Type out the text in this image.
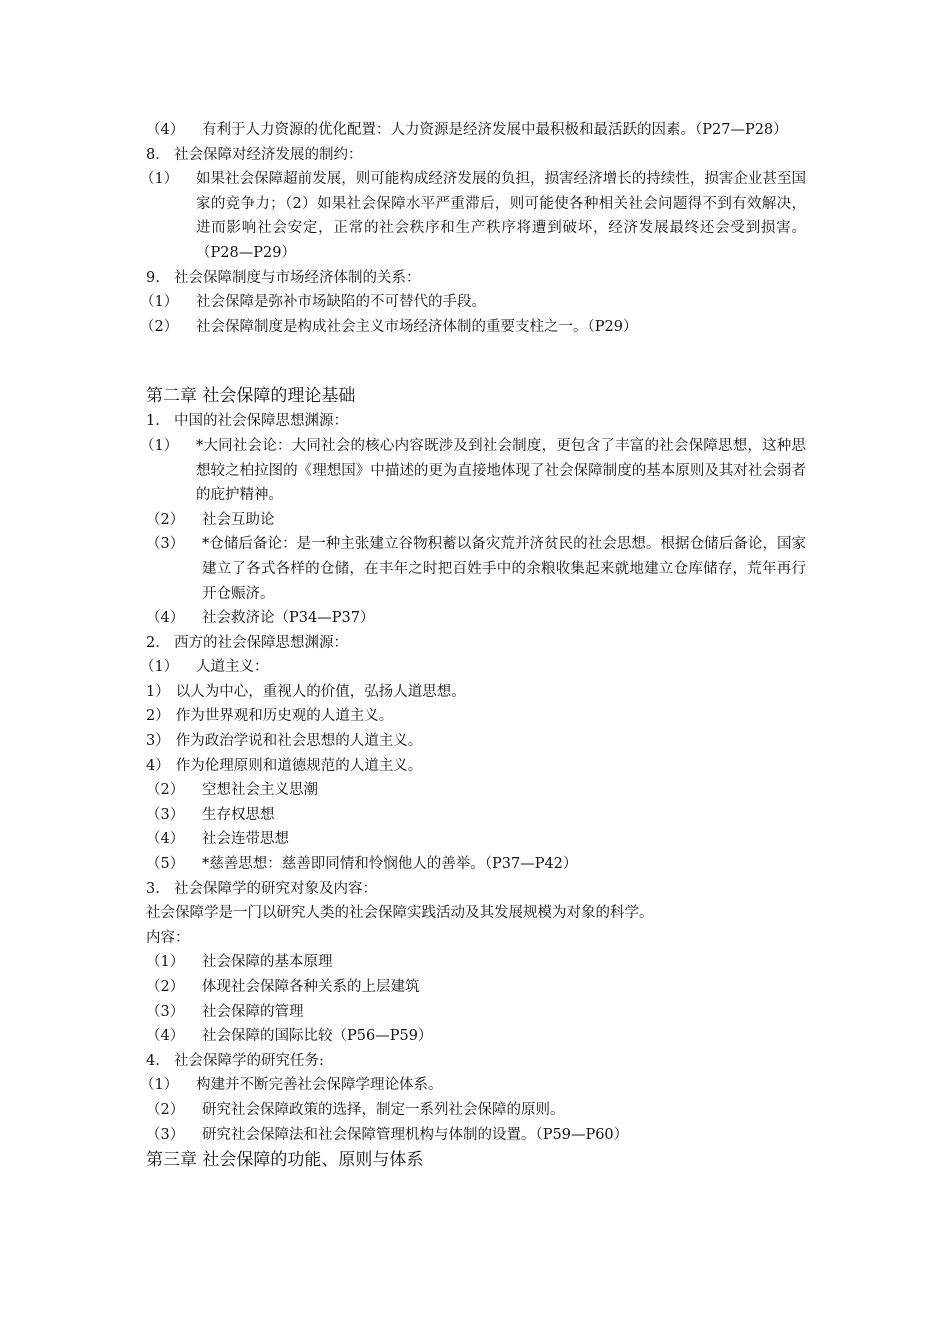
（4）	有利于人力资源的优化配置：人力资源是经济发展中最积极和最活跃的因素。（P27—P28）
8. 社会保障对经济发展的制约：
（1）	如果社会保障超前发展，则可能构成经济发展的负担，损害经济增长的持续性，损害企业甚至国家的竞争力；（2）如果社会保障水平严重滞后，则可能使各种相关社会问题得不到有效解决，进而影响社会安定，正常的社会秩序和生产秩序将遭到破坏，经济发展最终还会受到损害。（P28—P29）
9. 社会保障制度与市场经济体制的关系：
（1）	社会保障是弥补市场缺陷的不可替代的手段。
（2）	社会保障制度是构成社会主义市场经济体制的重要支柱之一。（P29）
第二章 社会保障的理论基础
1. 中国的社会保障思想渊源：
（1）	*大同社会论：大同社会的核心内容既涉及到社会制度，更包含了丰富的社会保障思想，这种思想较之柏拉图的《理想国》中描述的更为直接地体现了社会保障制度的基本原则及其对社会弱者的庇护精神。
（2）	社会互助论
（3）	*仓储后备论：是一种主张建立谷物积蓄以备灾荒并济贫民的社会思想。根据仓储后备论，国家建立了各式各样的仓储，在丰年之时把百姓手中的余粮收集起来就地建立仓库储存，荒年再行开仓赈济。
（4）	社会救济论（P34—P37）
2. 西方的社会保障思想渊源：
（1）	人道主义：
1） 以人为中心，重视人的价值，弘扬人道思想。
2） 作为世界观和历史观的人道主义。
3） 作为政治学说和社会思想的人道主义。
4） 作为伦理原则和道德规范的人道主义。
（2）	空想社会主义思潮
（3）	生存权思想
（4）	社会连带思想
（5）	*慈善思想：慈善即同情和怜悯他人的善举。（P37—P42）
3. 社会保障学的研究对象及内容：
社会保障学是一门以研究人类的社会保障实践活动及其发展规模为对象的科学。
内容：
（1）	社会保障的基本原理
（2）	体现社会保障各种关系的上层建筑
（3）	社会保障的管理
（4）	社会保障的国际比较（P56—P59）
4. 社会保障学的研究任务:
（1）	构建并不断完善社会保障学理论体系。
（2）	研究社会保障政策的选择，制定一系列社会保障的原则。
（3）	研究社会保障法和社会保障管理机构与体制的设置。（P59—P60）
第三章 社会保障的功能、原则与体系
